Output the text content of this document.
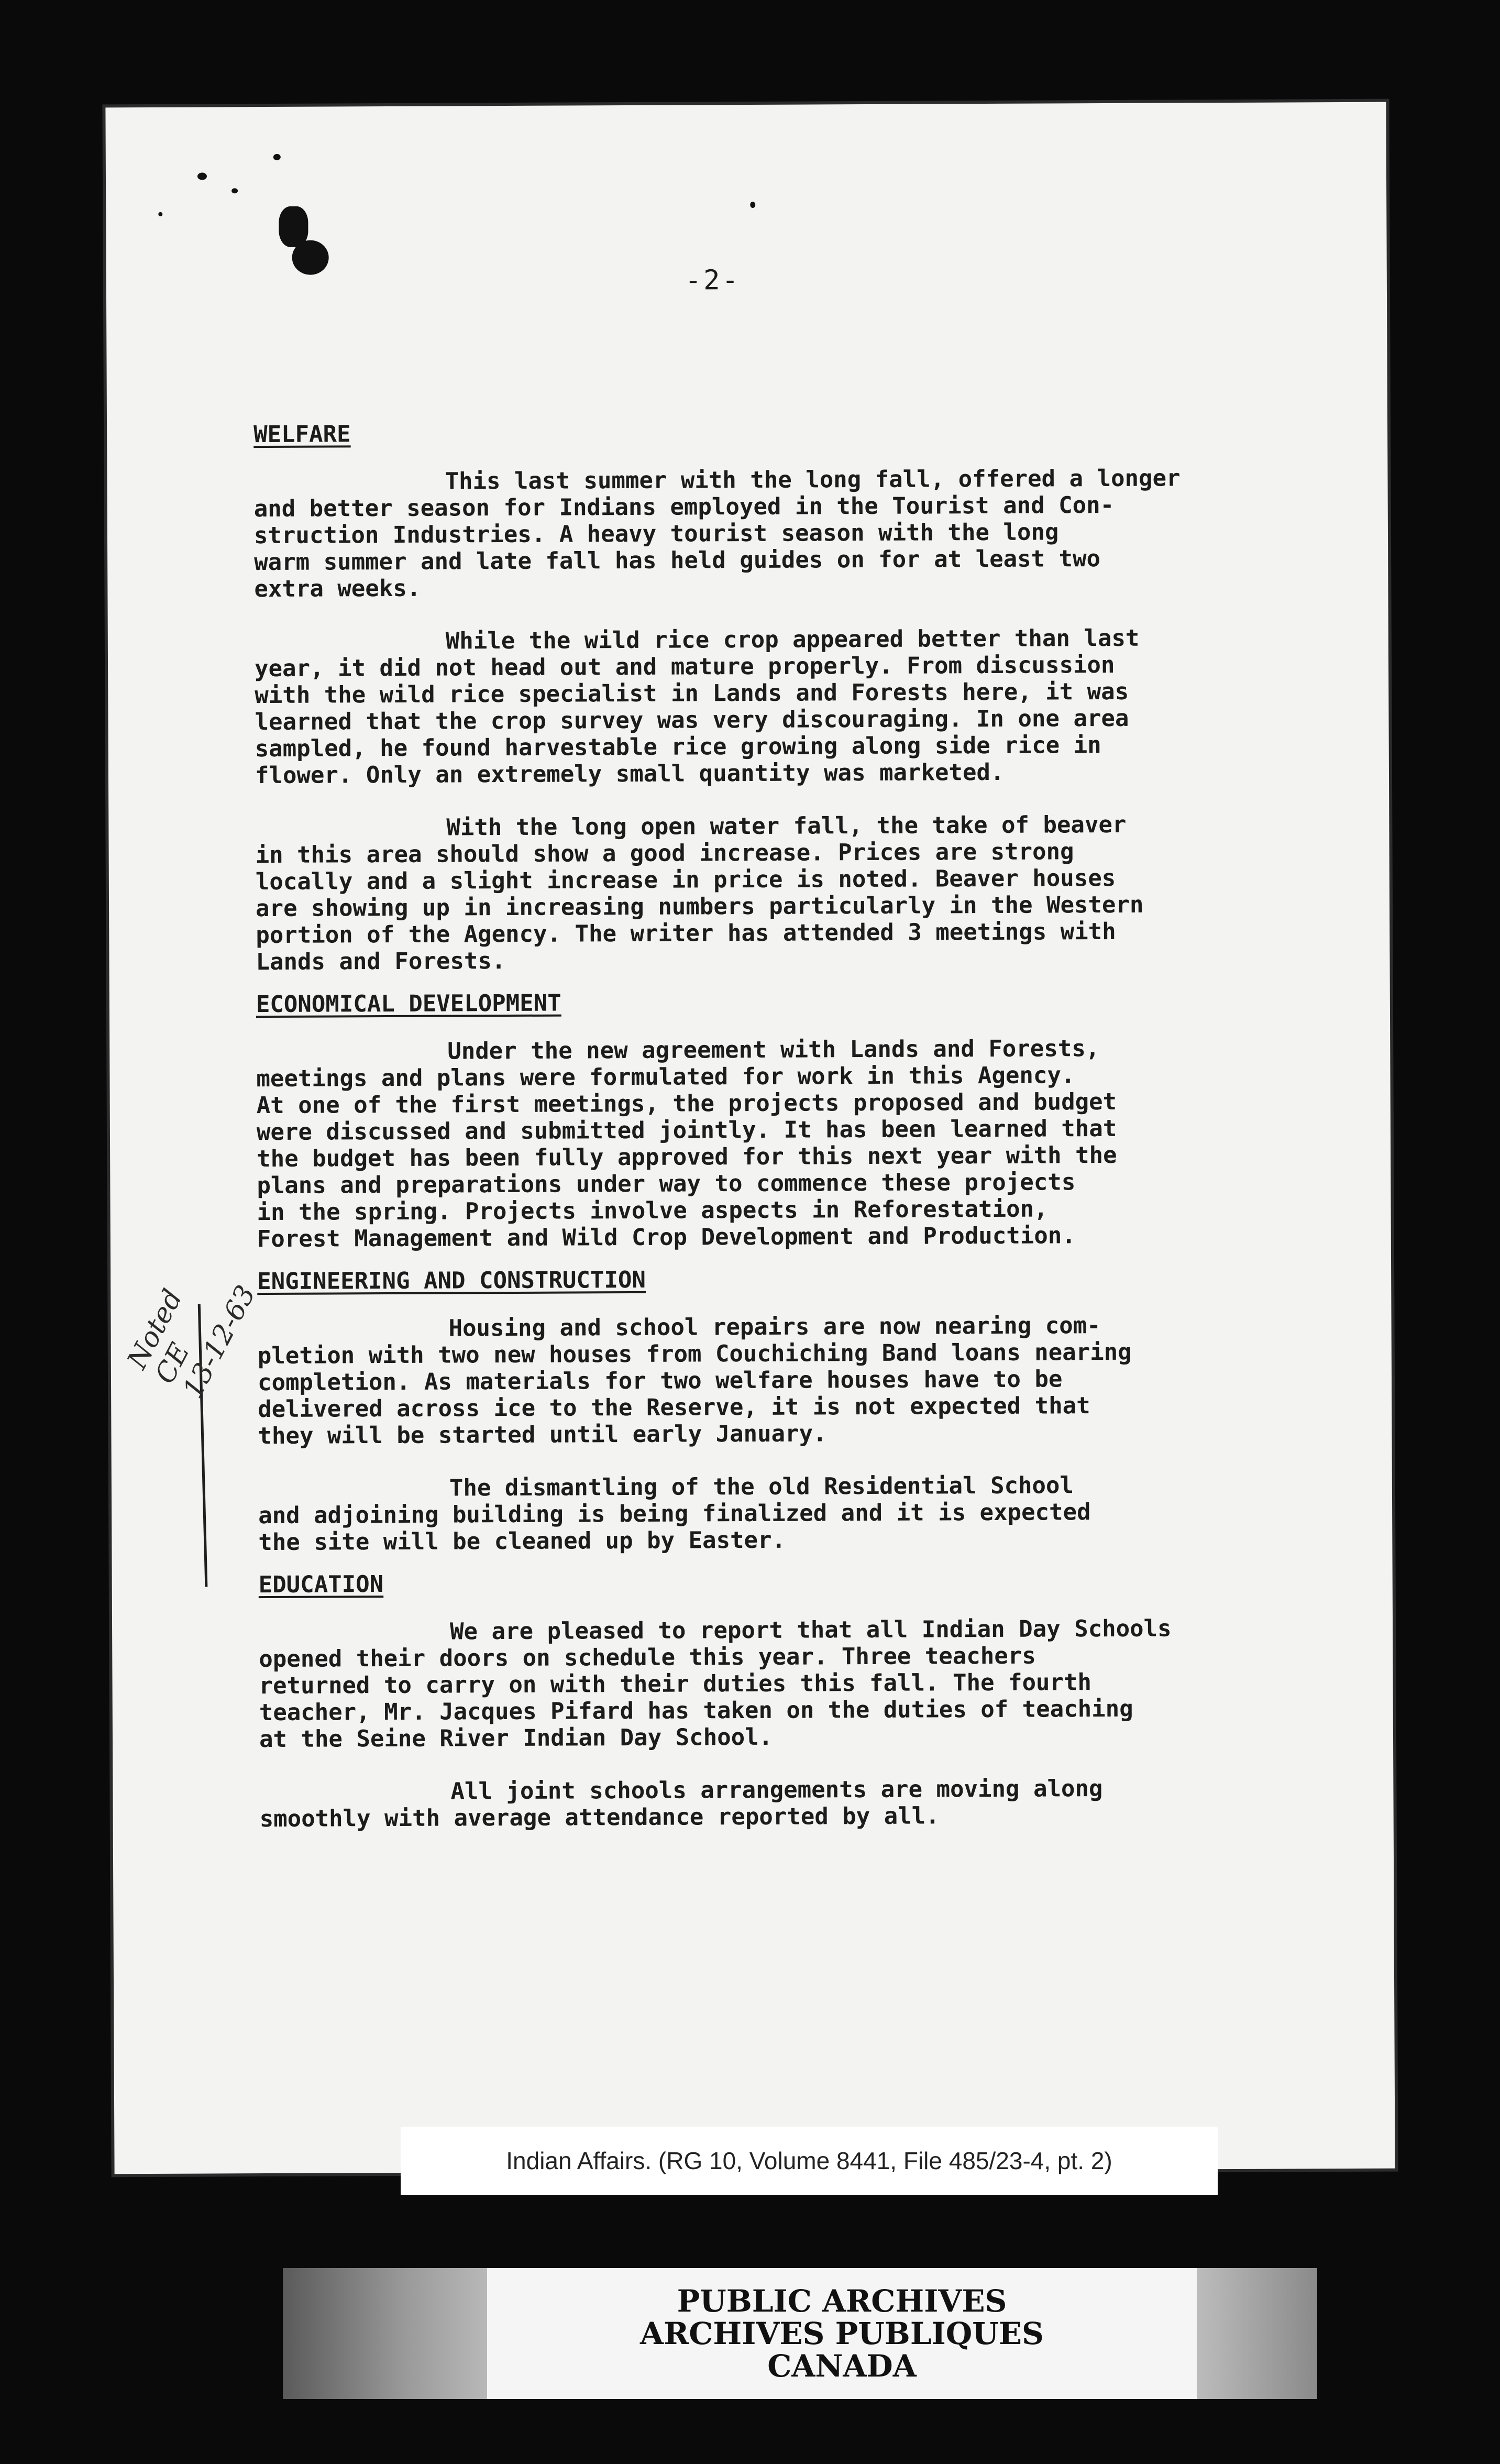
-2-
WELFARE
This last summer with the long fall, offered a longer
and better season for Indians employed in the Tourist and Con-
struction Industries. A heavy tourist season with the long
warm summer and late fall has held guides on for at least two
extra weeks.
While the wild rice crop appeared better than last
year, it did not head out and mature properly. From discussion
with the wild rice specialist in Lands and Forests here, it was
learned that the crop survey was very discouraging. In one area
sampled, he found harvestable rice growing along side rice in
flower. Only an extremely small quantity was marketed.
With the long open water fall, the take of beaver
in this area should show a good increase. Prices are strong
locally and a slight increase in price is noted. Beaver houses
are showing up in increasing numbers particularly in the Western
portion of the Agency. The writer has attended 3 meetings with
Lands and Forests.
ECONOMICAL DEVELOPMENT
Under the new agreement with Lands and Forests,
meetings and plans were formulated for work in this Agency.
At one of the first meetings, the projects proposed and budget
were discussed and submitted jointly. It has been learned that
the budget has been fully approved for this next year with the
plans and preparations under way to commence these projects
in the spring. Projects involve aspects in Reforestation,
Forest Management and Wild Crop Development and Production.
ENGINEERING AND CONSTRUCTION
Housing and school repairs are now nearing com-
pletion with two new houses from Couchiching Band loans nearing
completion. As materials for two welfare houses have to be
delivered across ice to the Reserve, it is not expected that
they will be started until early January.
The dismantling of the old Residential School
and adjoining building is being finalized and it is expected
the site will be cleaned up by Easter.
EDUCATION
We are pleased to report that all Indian Day Schools
opened their doors on schedule this year. Three teachers
returned to carry on with their duties this fall. The fourth
teacher, Mr. Jacques Pifard has taken on the duties of teaching
at the Seine River Indian Day School.
All joint schools arrangements are moving along
smoothly with average attendance reported by all.
Noted
CE
13-12-63
Indian Affairs. (RG 10, Volume 8441, File 485/23-4, pt. 2)
PUBLIC ARCHIVES
ARCHIVES PUBLIQUES
CANADA
